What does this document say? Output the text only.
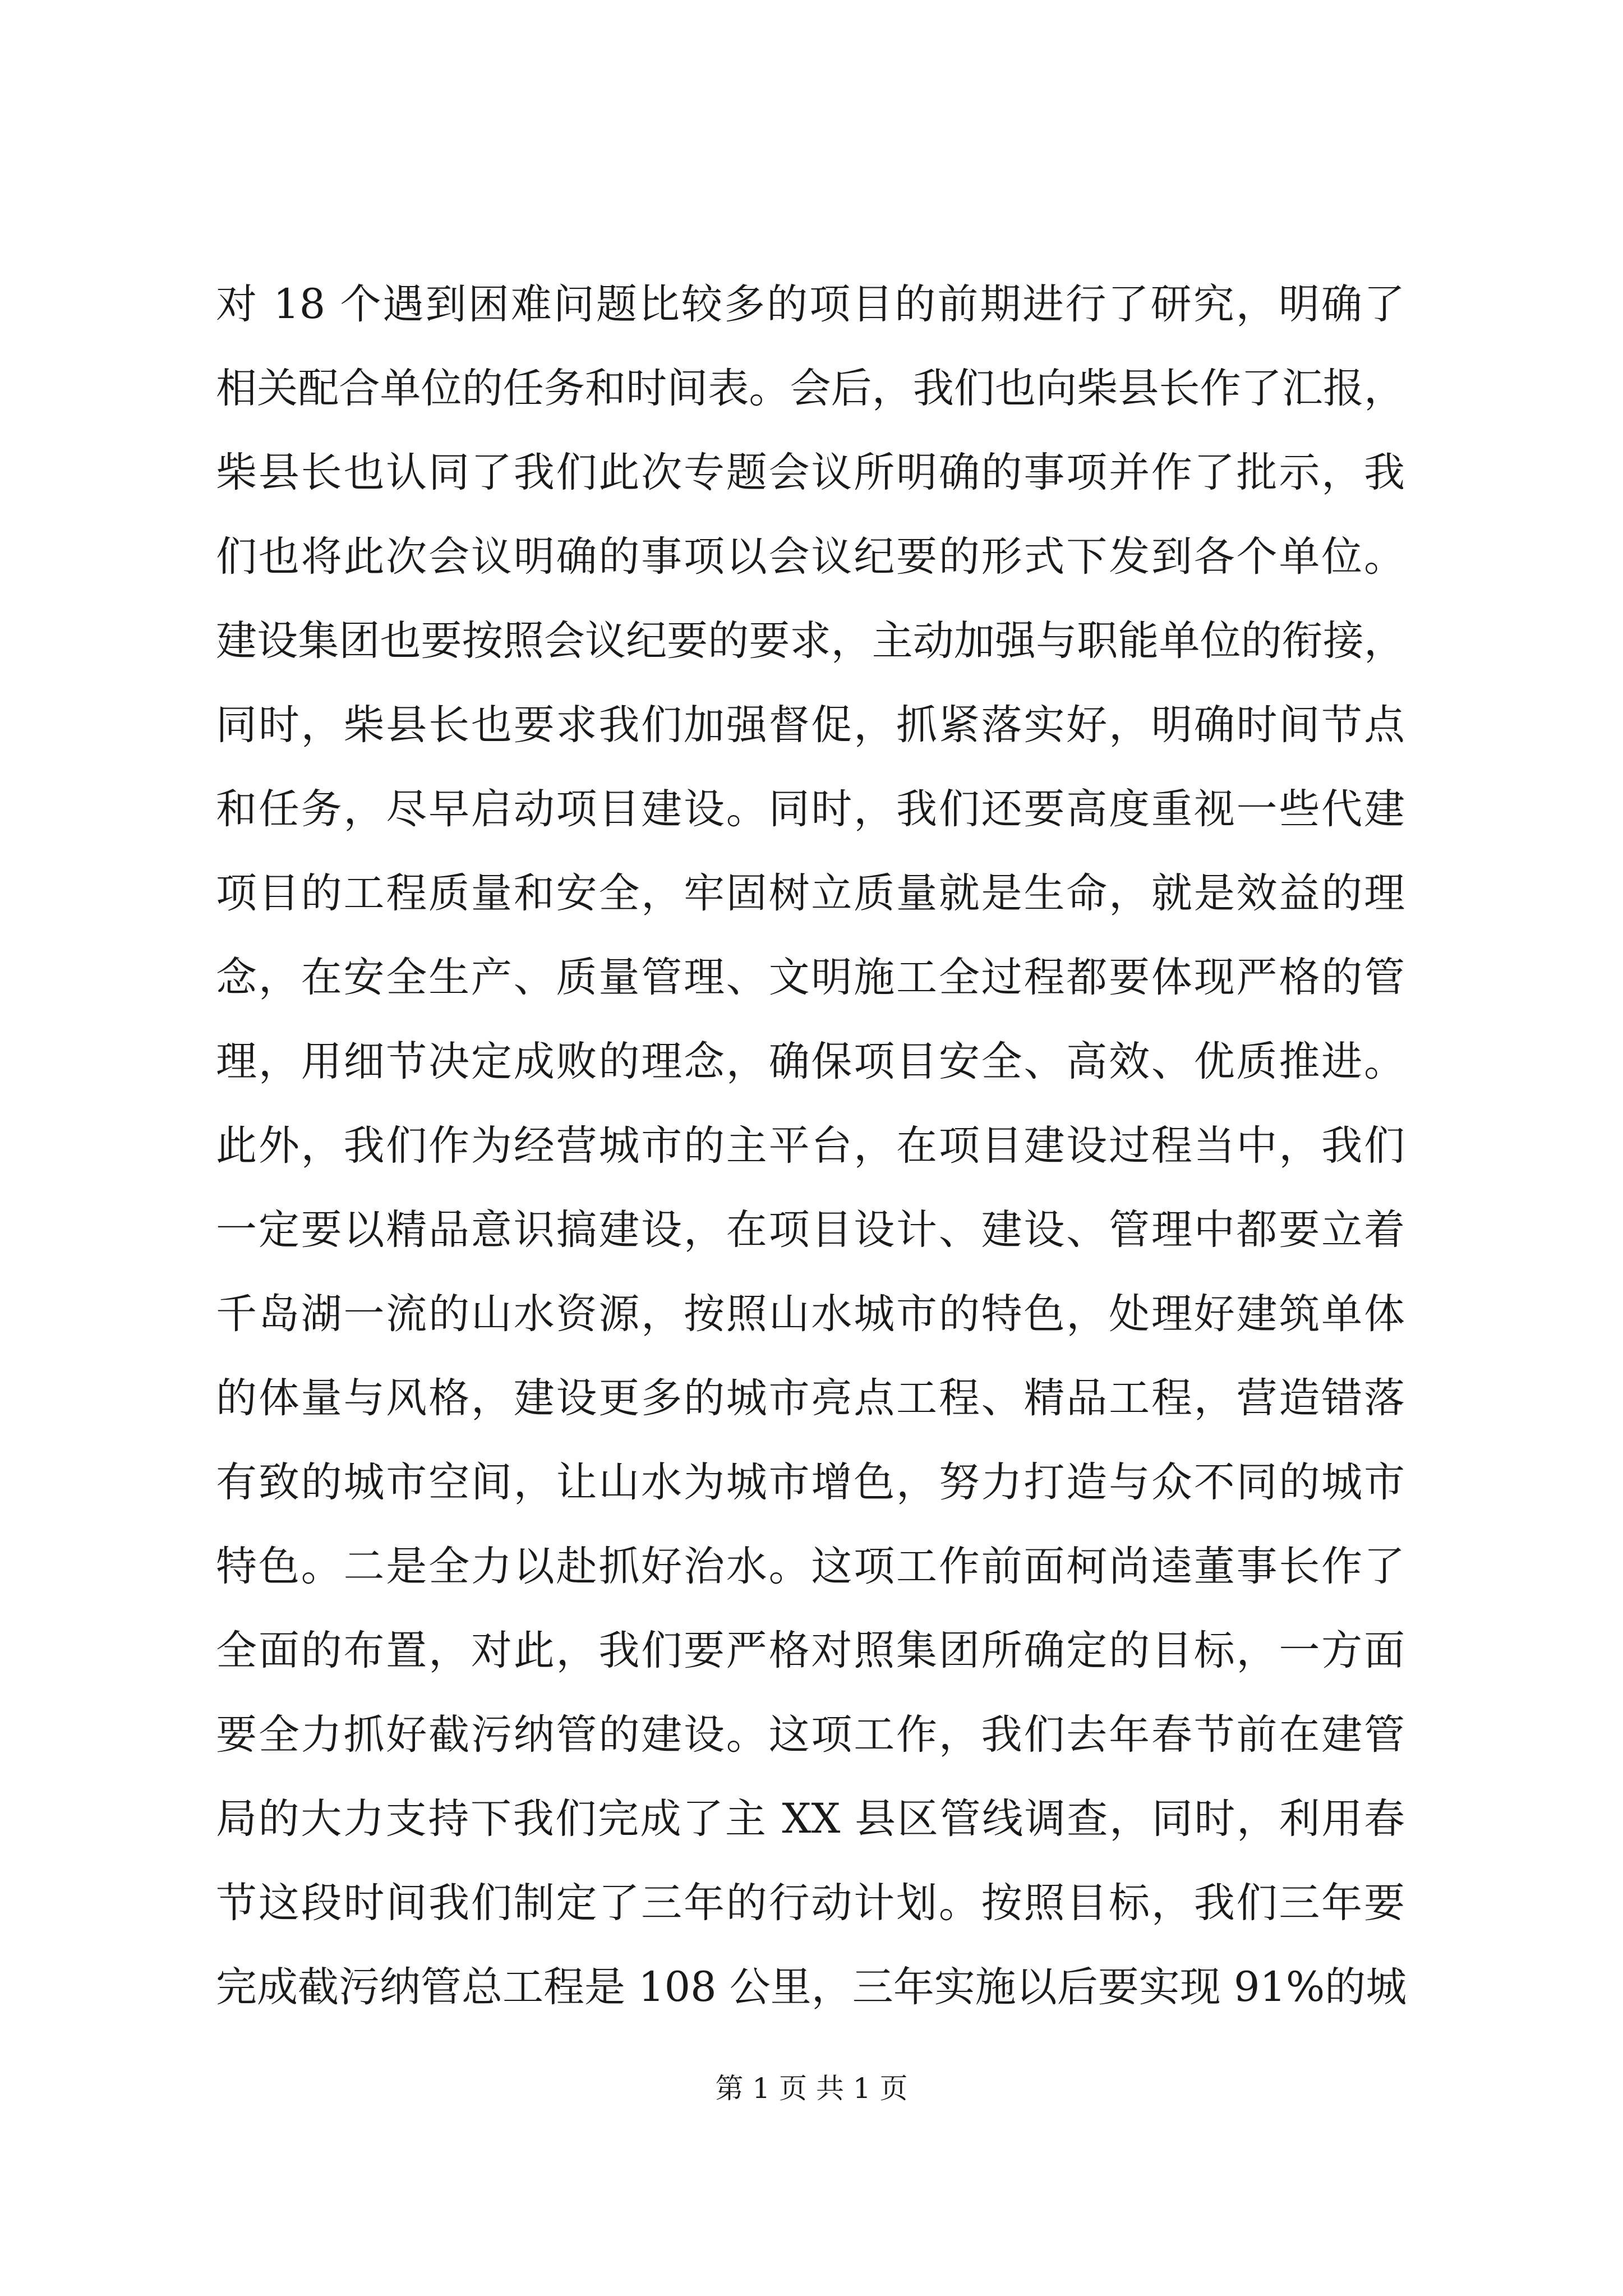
对 18 个遇到困难问题比较多的项目的前期进行了研究，明确了
相关配合单位的任务和时间表。会后，我们也向柴县长作了汇报，
柴县长也认同了我们此次专题会议所明确的事项并作了批示，我
们也将此次会议明确的事项以会议纪要的形式下发到各个单位。
建设集团也要按照会议纪要的要求，主动加强与职能单位的衔接，
同时，柴县长也要求我们加强督促，抓紧落实好，明确时间节点
和任务，尽早启动项目建设。同时，我们还要高度重视一些代建
项目的工程质量和安全，牢固树立质量就是生命，就是效益的理
念，在安全生产、质量管理、文明施工全过程都要体现严格的管
理，用细节决定成败的理念，确保项目安全、高效、优质推进。
此外，我们作为经营城市的主平台，在项目建设过程当中，我们
一定要以精品意识搞建设，在项目设计、建设、管理中都要立着
千岛湖一流的山水资源，按照山水城市的特色，处理好建筑单体
的体量与风格，建设更多的城市亮点工程、精品工程，营造错落
有致的城市空间，让山水为城市增色，努力打造与众不同的城市
特色。二是全力以赴抓好治水。这项工作前面柯尚逵董事长作了
全面的布置，对此，我们要严格对照集团所确定的目标，一方面
要全力抓好截污纳管的建设。这项工作，我们去年春节前在建管
局的大力支持下我们完成了主 XX 县区管线调查，同时，利用春
节这段时间我们制定了三年的行动计划。按照目标，我们三年要
完成截污纳管总工程是 108 公里，三年实施以后要实现 91%的城
第 1 页 共 1 页
